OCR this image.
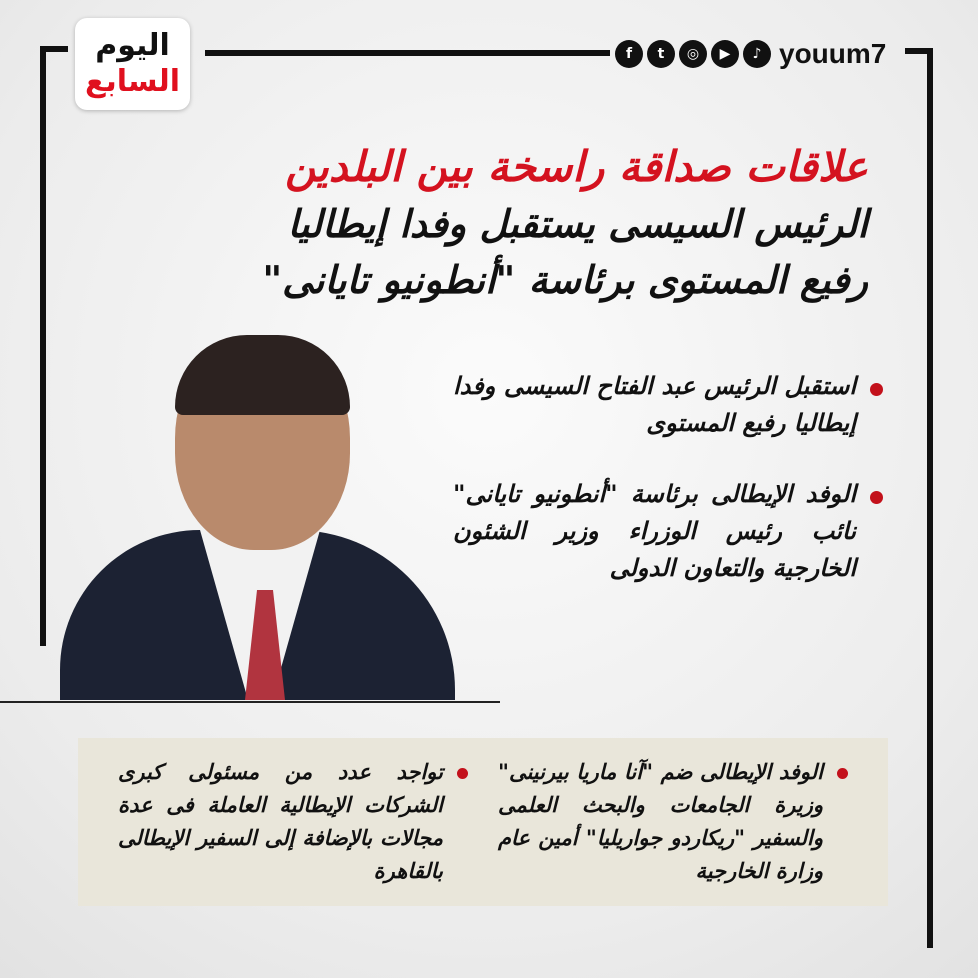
اليوم
السابع
f	t	◎	▶	♪ youum7
علاقات صداقة راسخة بين البلدين
الرئيس السيسى يستقبل وفدا إيطاليا
رفيع المستوى برئاسة "أنطونيو تايانى"
استقبل الرئيس عبد الفتاح السيسى وفدا إيطاليا رفيع المستوى
الوفد الإيطالى برئاسة "أنطونيو تايانى" نائب رئيس الوزراء وزير الشئون الخارجية والتعاون الدولى
الوفد الإيطالى ضم "آنا ماريا بيرنينى" وزيرة الجامعات والبحث العلمى والسفير "ريكاردو جواريليا" أمين عام وزارة الخارجية
تواجد عدد من مسئولى كبرى الشركات الإيطالية العاملة فى عدة مجالات بالإضافة إلى السفير الإيطالى بالقاهرة
